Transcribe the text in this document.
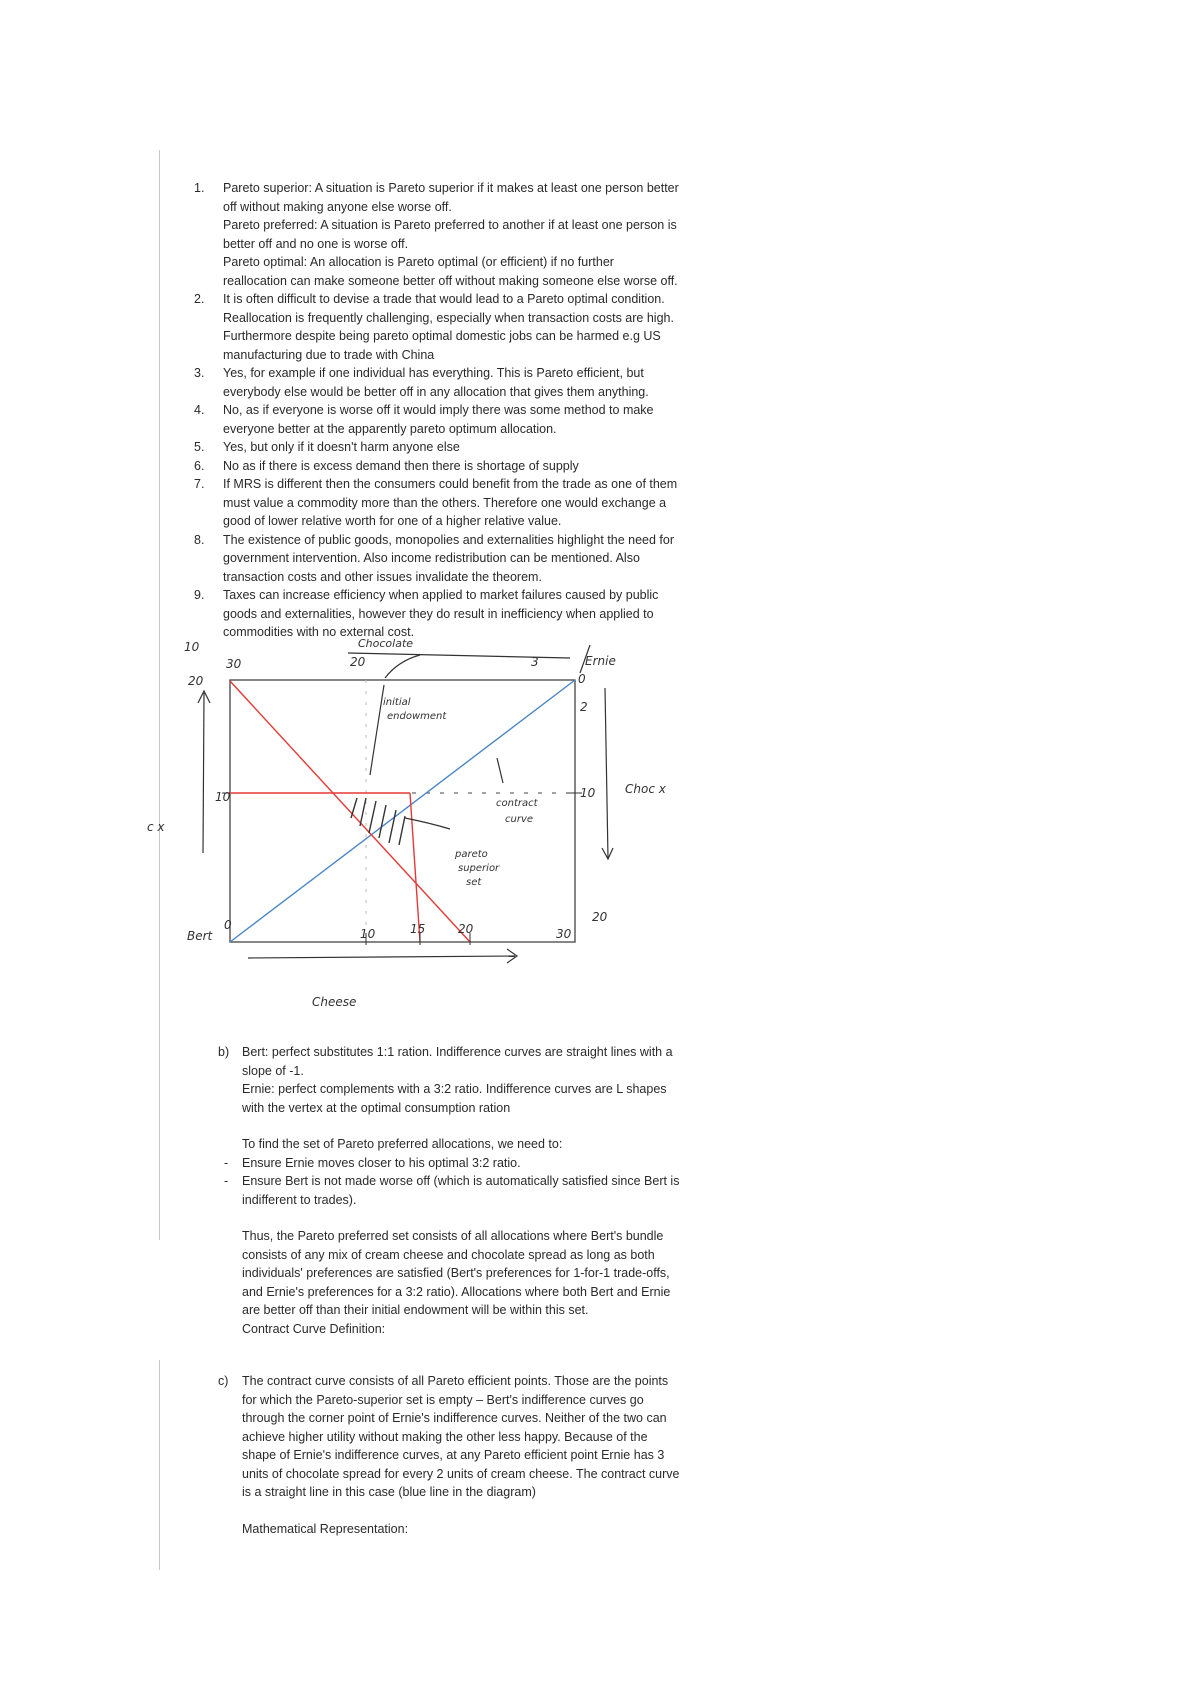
1. Pareto superior: A situation is Pareto superior if it makes at least one person better
off without making anyone else worse off.
Pareto preferred: A situation is Pareto preferred to another if at least one person is
better off and no one is worse off.
Pareto optimal: An allocation is Pareto optimal (or efficient) if no further
reallocation can make someone better off without making someone else worse off.
2. It is often difficult to devise a trade that would lead to a Pareto optimal condition.
Reallocation is frequently challenging, especially when transaction costs are high.
Furthermore despite being pareto optimal domestic jobs can be harmed e.g US
manufacturing due to trade with China
3. Yes, for example if one individual has everything. This is Pareto efficient, but
everybody else would be better off in any allocation that gives them anything.
4. No, as if everyone is worse off it would imply there was some method to make
everyone better at the apparently pareto optimum allocation.
5. Yes, but only if it doesn't harm anyone else
6. No as if there is excess demand then there is shortage of supply
7. If MRS is different then the consumers could benefit from the trade as one of them
must value a commodity more than the others. Therefore one would exchange a
good of lower relative worth for one of a higher relative value.
8. The existence of public goods, monopolies and externalities highlight the need for
government intervention. Also income redistribution can be mentioned. Also
transaction costs and other issues invalidate the theorem.
9. Taxes can increase efficiency when applied to market failures caused by public
goods and externalities, however they do result in inefficiency when applied to
commodities with no external cost.
10
20
30	20	3
Chocolate
Ernie
0
2
10
20
Choc x
10
c x
Bert
0
10	15	20	30
initial
endowment
contract
curve
pareto
superior
set
Cheese
b) Bert: perfect substitutes 1:1 ration. Indifference curves are straight lines with a
slope of -1.
Ernie: perfect complements with a 3:2 ratio. Indifference curves are L shapes
with the vertex at the optimal consumption ration
To find the set of Pareto preferred allocations, we need to:
- Ensure Ernie moves closer to his optimal 3:2 ratio.
- Ensure Bert is not made worse off (which is automatically satisfied since Bert is
indifferent to trades).
Thus, the Pareto preferred set consists of all allocations where Bert's bundle
consists of any mix of cream cheese and chocolate spread as long as both
individuals' preferences are satisfied (Bert's preferences for 1-for-1 trade-offs,
and Ernie's preferences for a 3:2 ratio). Allocations where both Bert and Ernie
are better off than their initial endowment will be within this set.
Contract Curve Definition:
c) The contract curve consists of all Pareto efficient points. Those are the points
for which the Pareto-superior set is empty – Bert's indifference curves go
through the corner point of Ernie's indifference curves. Neither of the two can
achieve higher utility without making the other less happy. Because of the
shape of Ernie's indifference curves, at any Pareto efficient point Ernie has 3
units of chocolate spread for every 2 units of cream cheese. The contract curve
is a straight line in this case (blue line in the diagram)
Mathematical Representation:
